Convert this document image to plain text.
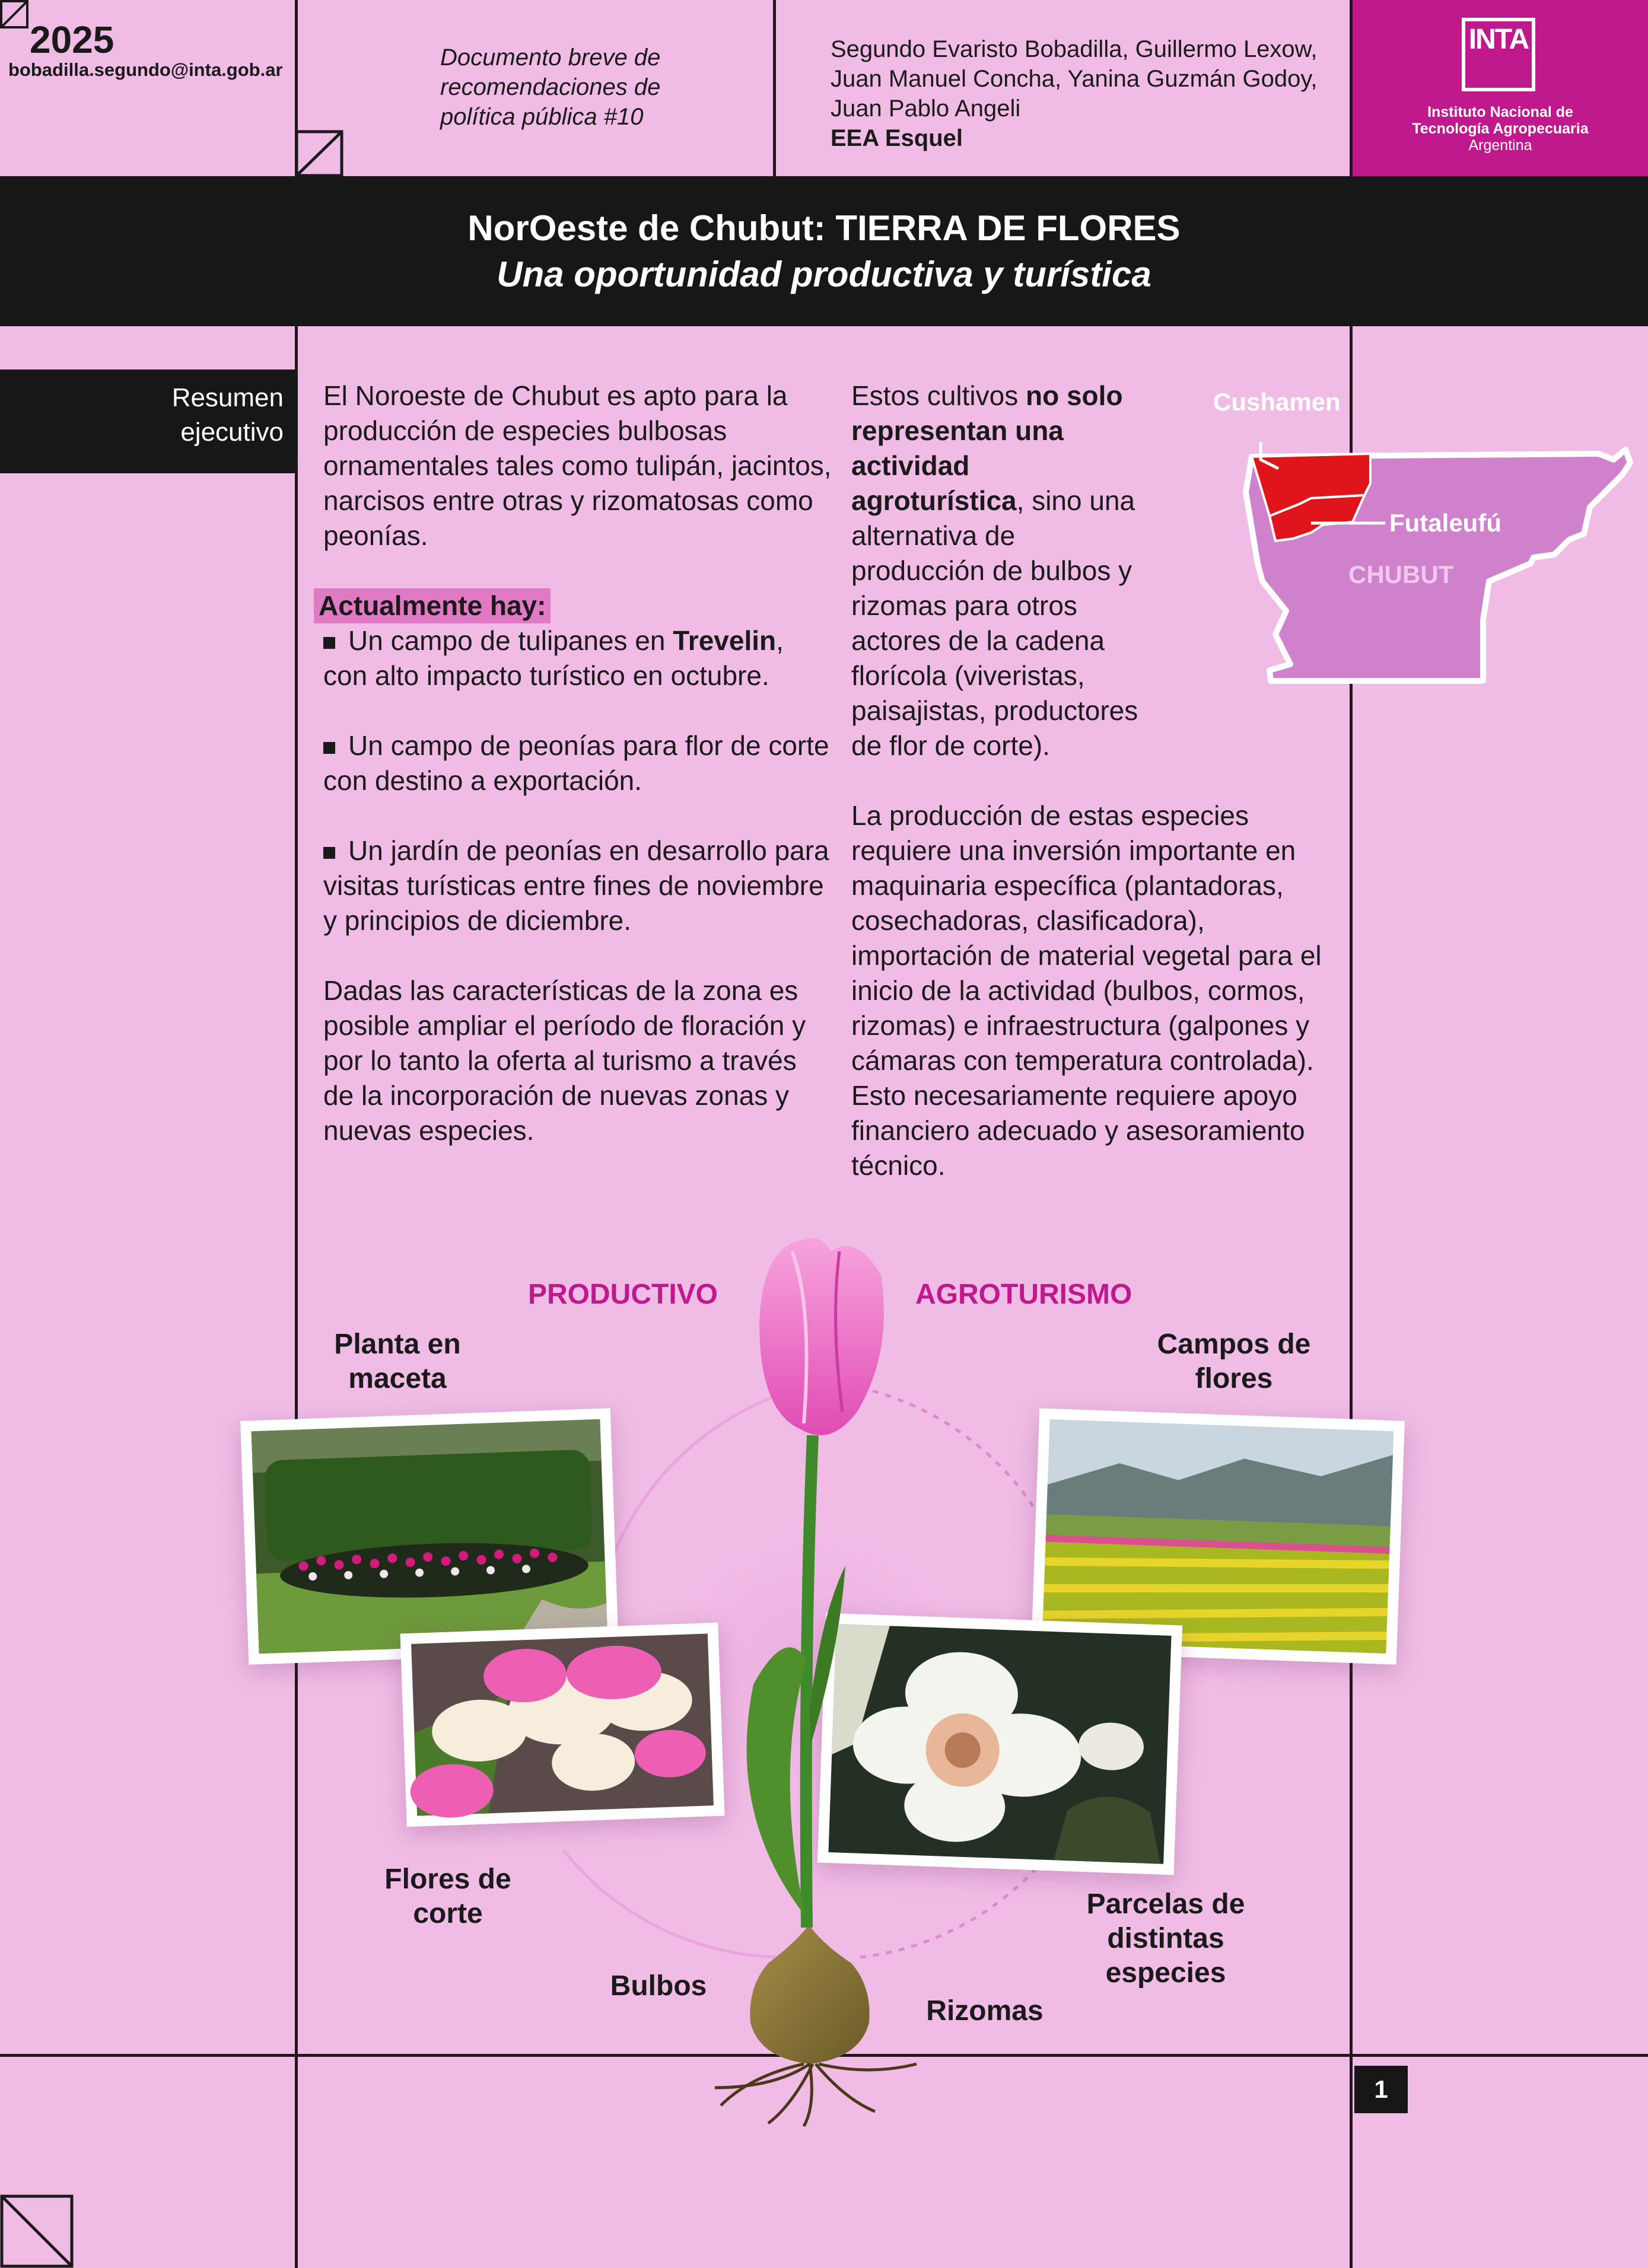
2025
bobadilla.segundo@inta.gob.ar	Documento breve de recomendaciones de política pública #10
Segundo Evaristo Bobadilla, Guillermo Lexow,
Juan Manuel Concha, Yanina Guzmán Godoy,
Juan Pablo Angeli
EEA Esquel
INTA
Instituto Nacional de
Tecnología Agropecuaria
Argentina
NorOeste de Chubut: TIERRA DE FLORES
Una oportunidad productiva y turística
Resumen
ejecutivo

El Noroeste de Chubut es apto para la producción de especies bulbosas ornamentales tales como tulipán, jacintos, narcisos entre otras y rizomatosas como peonías.

Actualmente hay:

Un campo de tulipanes en Trevelin, con alto impacto turístico en octubre.

Un campo de peonías para flor de corte con destino a exportación.

Un jardín de peonías en desarrollo para visitas turísticas entre fines de noviembre y principios de diciembre.

Dadas las características de la zona es posible ampliar el período de floración y por lo tanto la oferta al turismo a través de la incorporación de nuevas zonas y nuevas especies.

Estos cultivos no solo representan una actividad agroturística, sino una alternativa de producción de bulbos y rizomas para otros actores de la cadena florícola (viveristas, paisajistas, productores de flor de corte).

La producción de estas especies requiere una inversión importante en maquinaria específica (plantadoras, cosechadoras, clasificadora), importación de material vegetal para el inicio de la actividad (bulbos, cormos, rizomas) e infraestructura (galpones y cámaras con temperatura controlada). Esto necesariamente requiere apoyo financiero adecuado y asesoramiento técnico.

Cushamen
Futaleufú
CHUBUT
PRODUCTIVO	AGROTURISMO
Planta en
maceta
Campos de
flores
Flores de
corte	Parcelas de
distintas
especies
Bulbos
Rizomas
1
